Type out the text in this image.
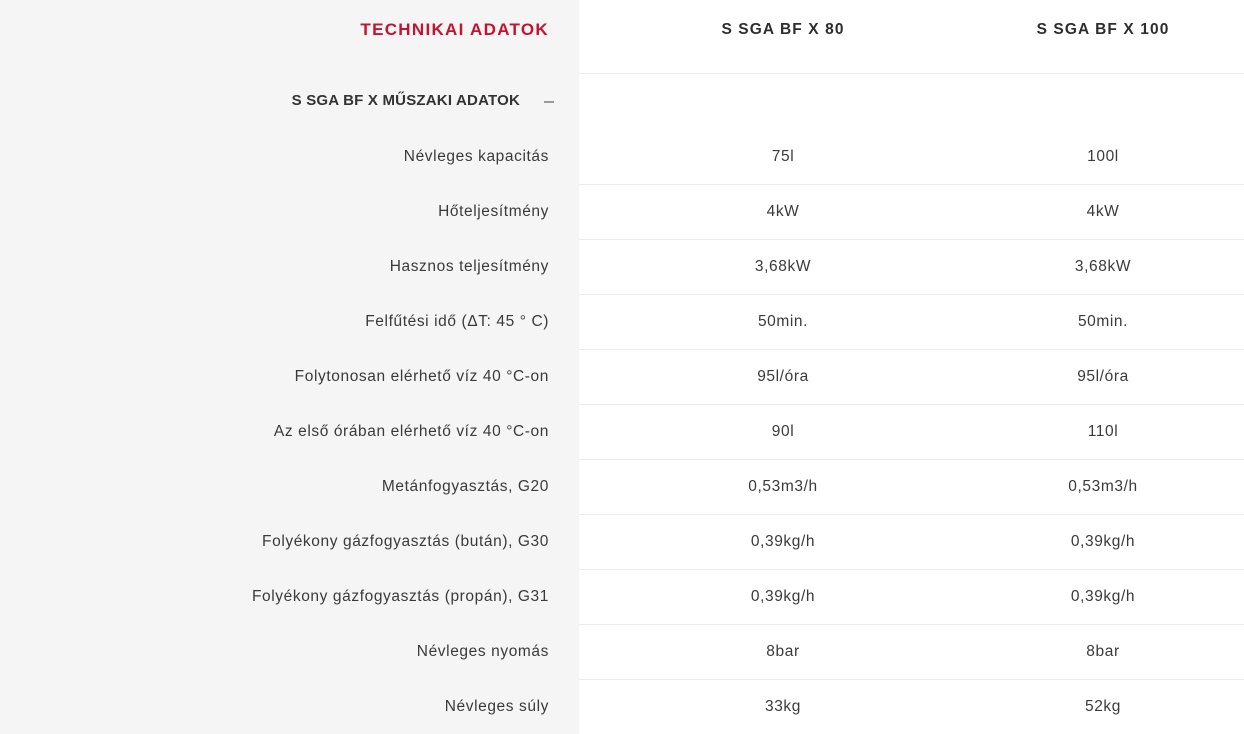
TECHNIKAI ADATOK	S SGA BF X 80	S SGA BF X 100
S SGA BF X MŰSZAKI ADATOK
Névleges kapacitás	75l	100l
Hőteljesítmény	4kW	4kW
Hasznos teljesítmény	3,68kW	3,68kW
Felfűtési idő (ΔT: 45 ° C)	50min.	50min.
Folytonosan elérhető víz 40 °C-on	95l/óra	95l/óra
Az első órában elérhető víz 40 °C-on	90l	110l
Metánfogyasztás, G20	0,53m3/h	0,53m3/h
Folyékony gázfogyasztás (bután), G30	0,39kg/h	0,39kg/h
Folyékony gázfogyasztás (propán), G31	0,39kg/h	0,39kg/h
Névleges nyomás	8bar	8bar
Névleges súly	33kg	52kg
